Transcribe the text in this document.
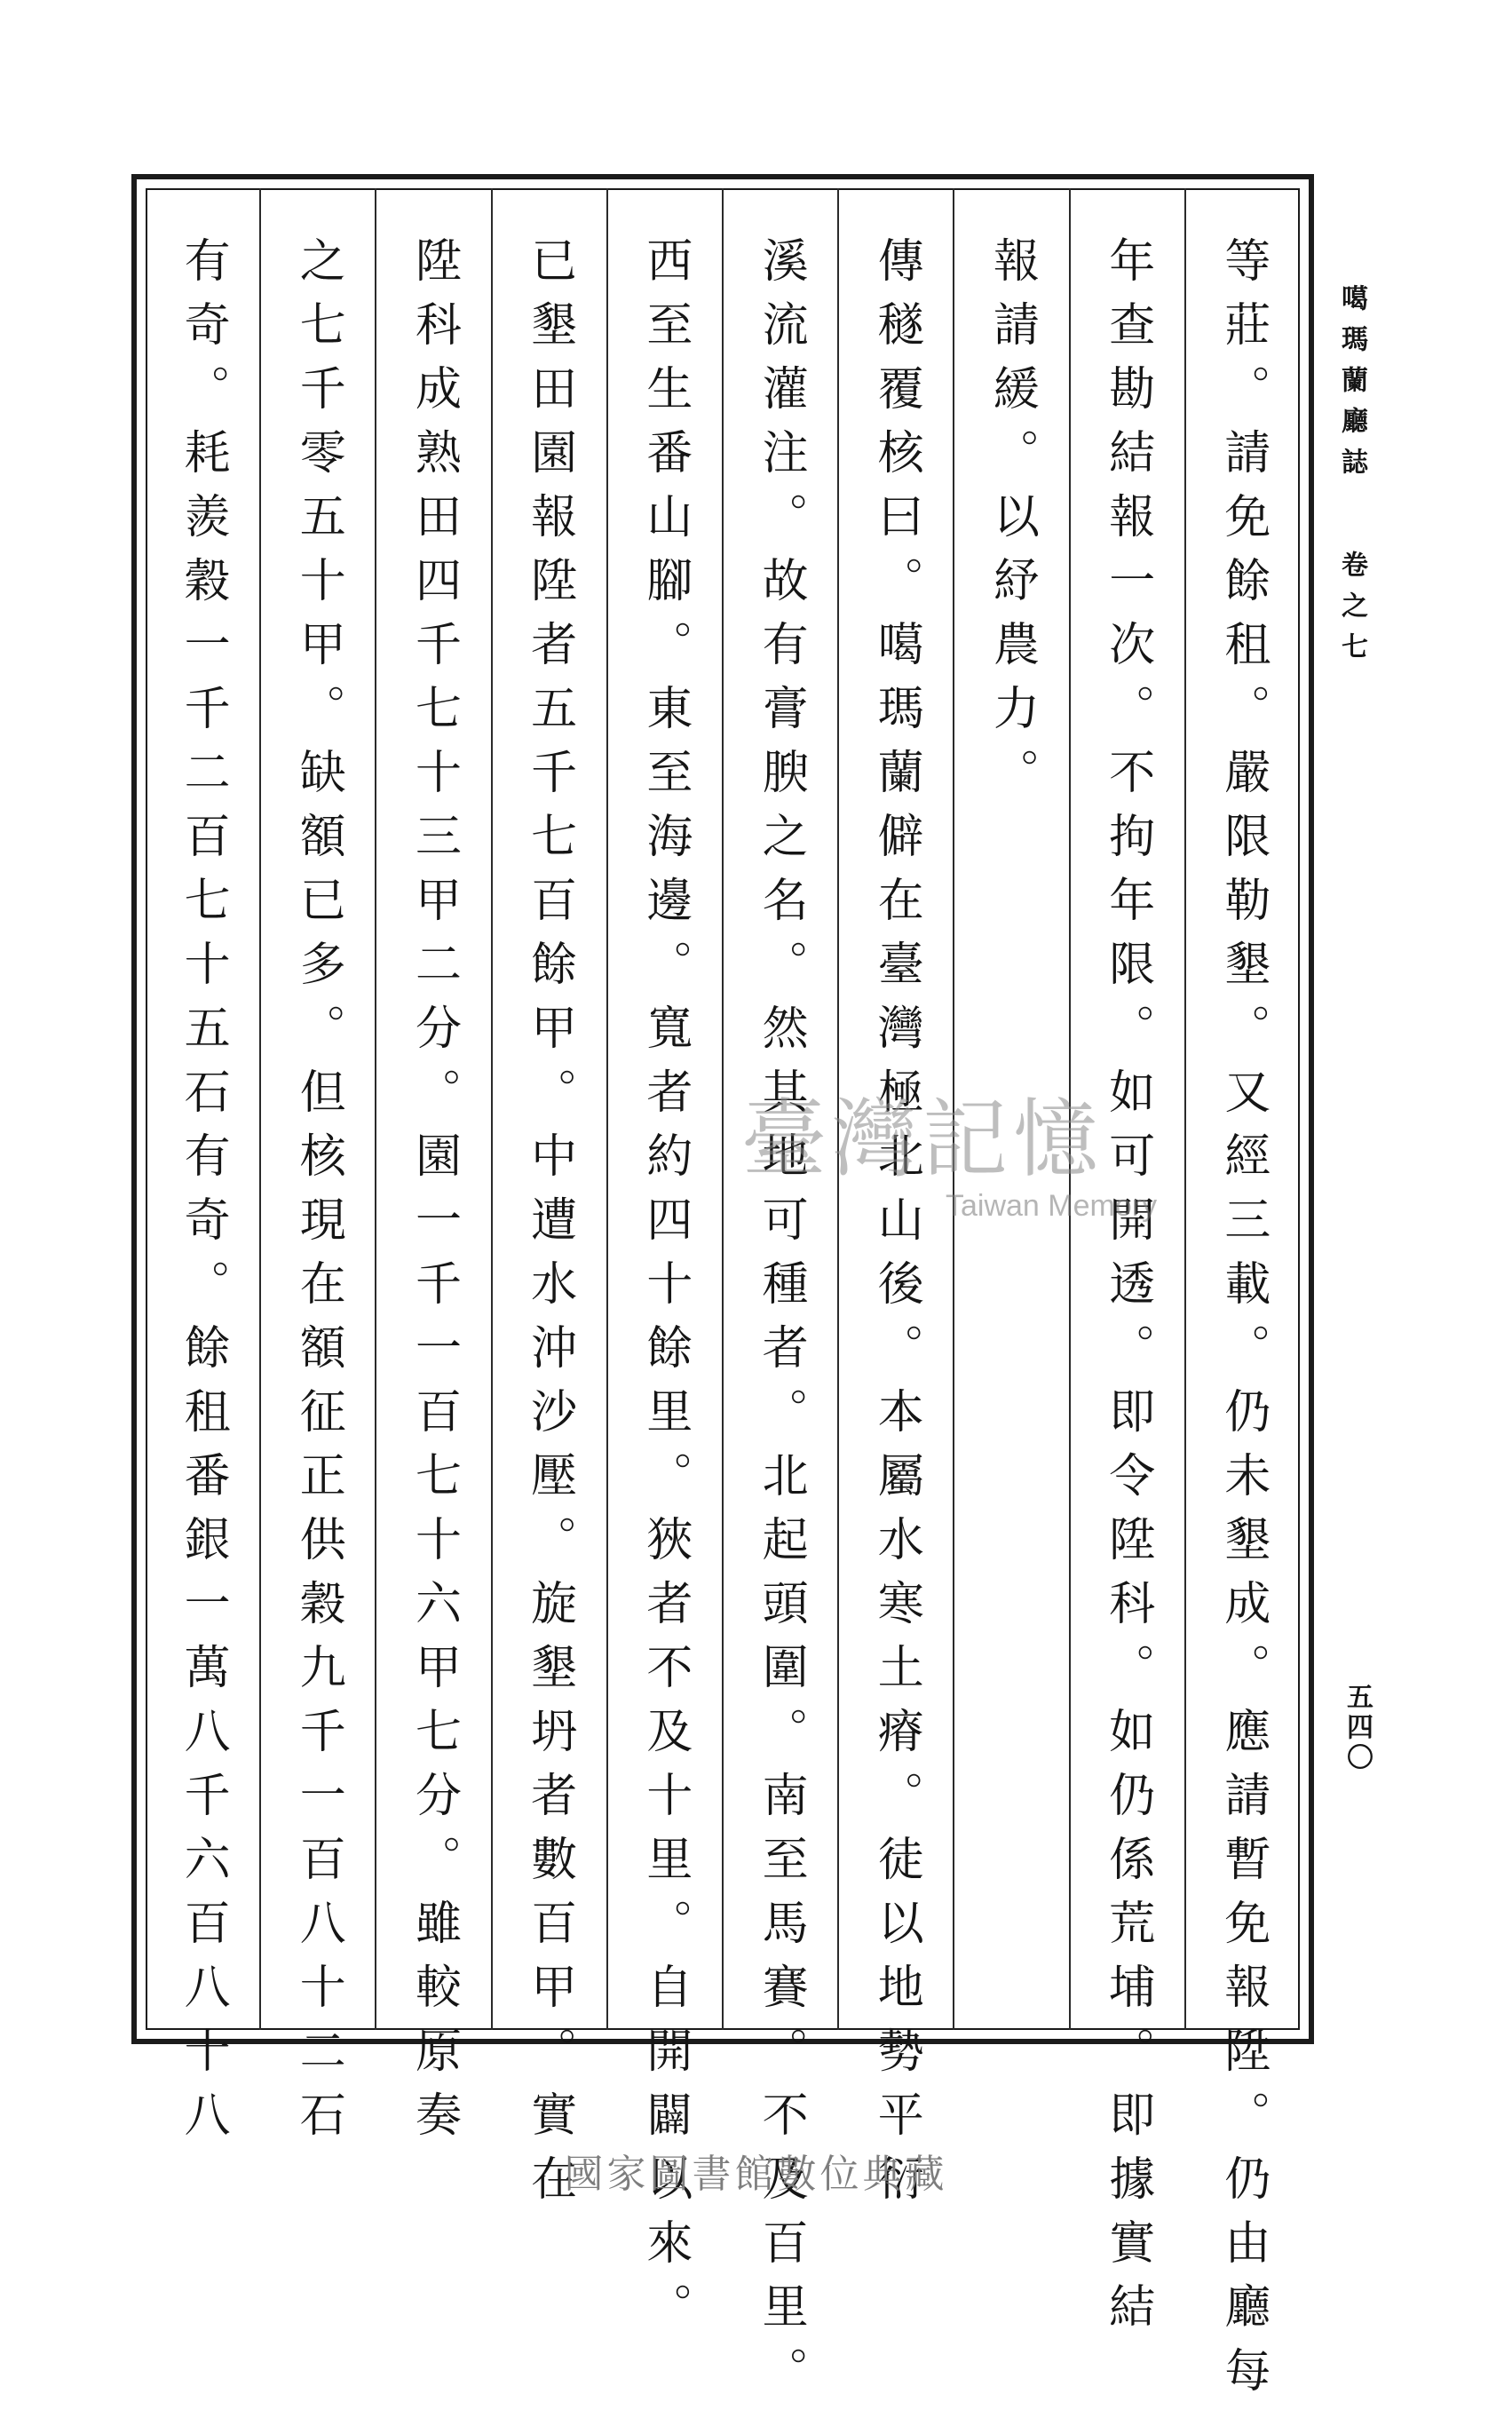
等莊。請免餘租。嚴限勒墾。又經三載。仍未墾成。應請暫免報陞。仍由廳每
年查勘結報一次。不拘年限。如可開透。即令陞科。如仍係荒埔。即據實結
報請緩。以紓農力。
傳穟覆核曰。噶瑪蘭僻在臺灣極北山後。本屬水寒土瘠。徒以地勢平衍
溪流灌注。故有膏腴之名。然其地可種者。北起頭圍。南至馬賽。不及百里。
西至生番山腳。東至海邊。寬者約四十餘里。狹者不及十里。自開闢以來。
已墾田園報陞者五千七百餘甲。中遭水沖沙壓。旋墾坍者數百甲。實在
陞科成熟田四千七十三甲二分。園一千一百七十六甲七分。雖較原奏
之七千零五十甲。缺額已多。但核現在額征正供穀九千一百八十二石
有奇。耗羨穀一千二百七十五石有奇。餘租番銀一萬八千六百八十八	噶瑪蘭廳誌卷之七
五四〇
臺灣記憶
Taiwan Memory
國家圖書館數位典藏
